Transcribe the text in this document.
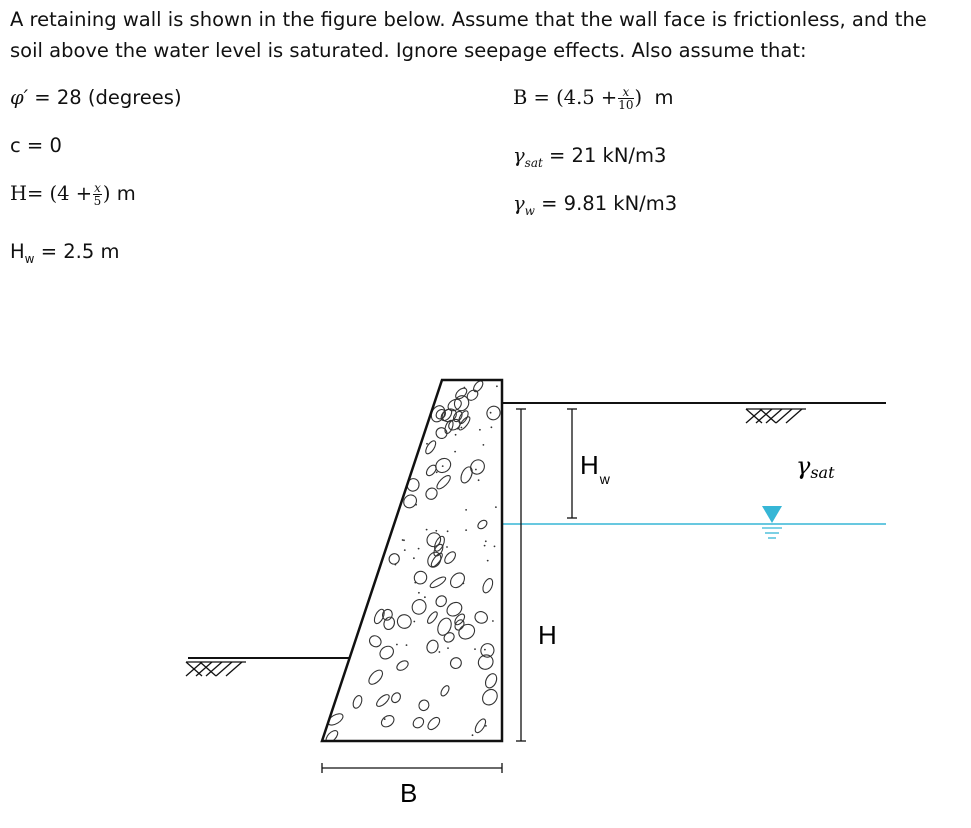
A retaining wall is shown in the figure below. Assume that the wall face is frictionless, and the soil above the water level is saturated. Ignore seepage effects. Also assume that:

φ′ = 28 (degrees)
c = 0
$H= (4 + \frac{x}{5}$ ) m
$H_w = 2.5$ m
$B = (4.5 + \frac{x}{10}$ ) m
$\gamma_{sat} = 21$ kN/m3
$\gamma_w = 9.81$ kN/m3
H
$H_w$
B
γsat
